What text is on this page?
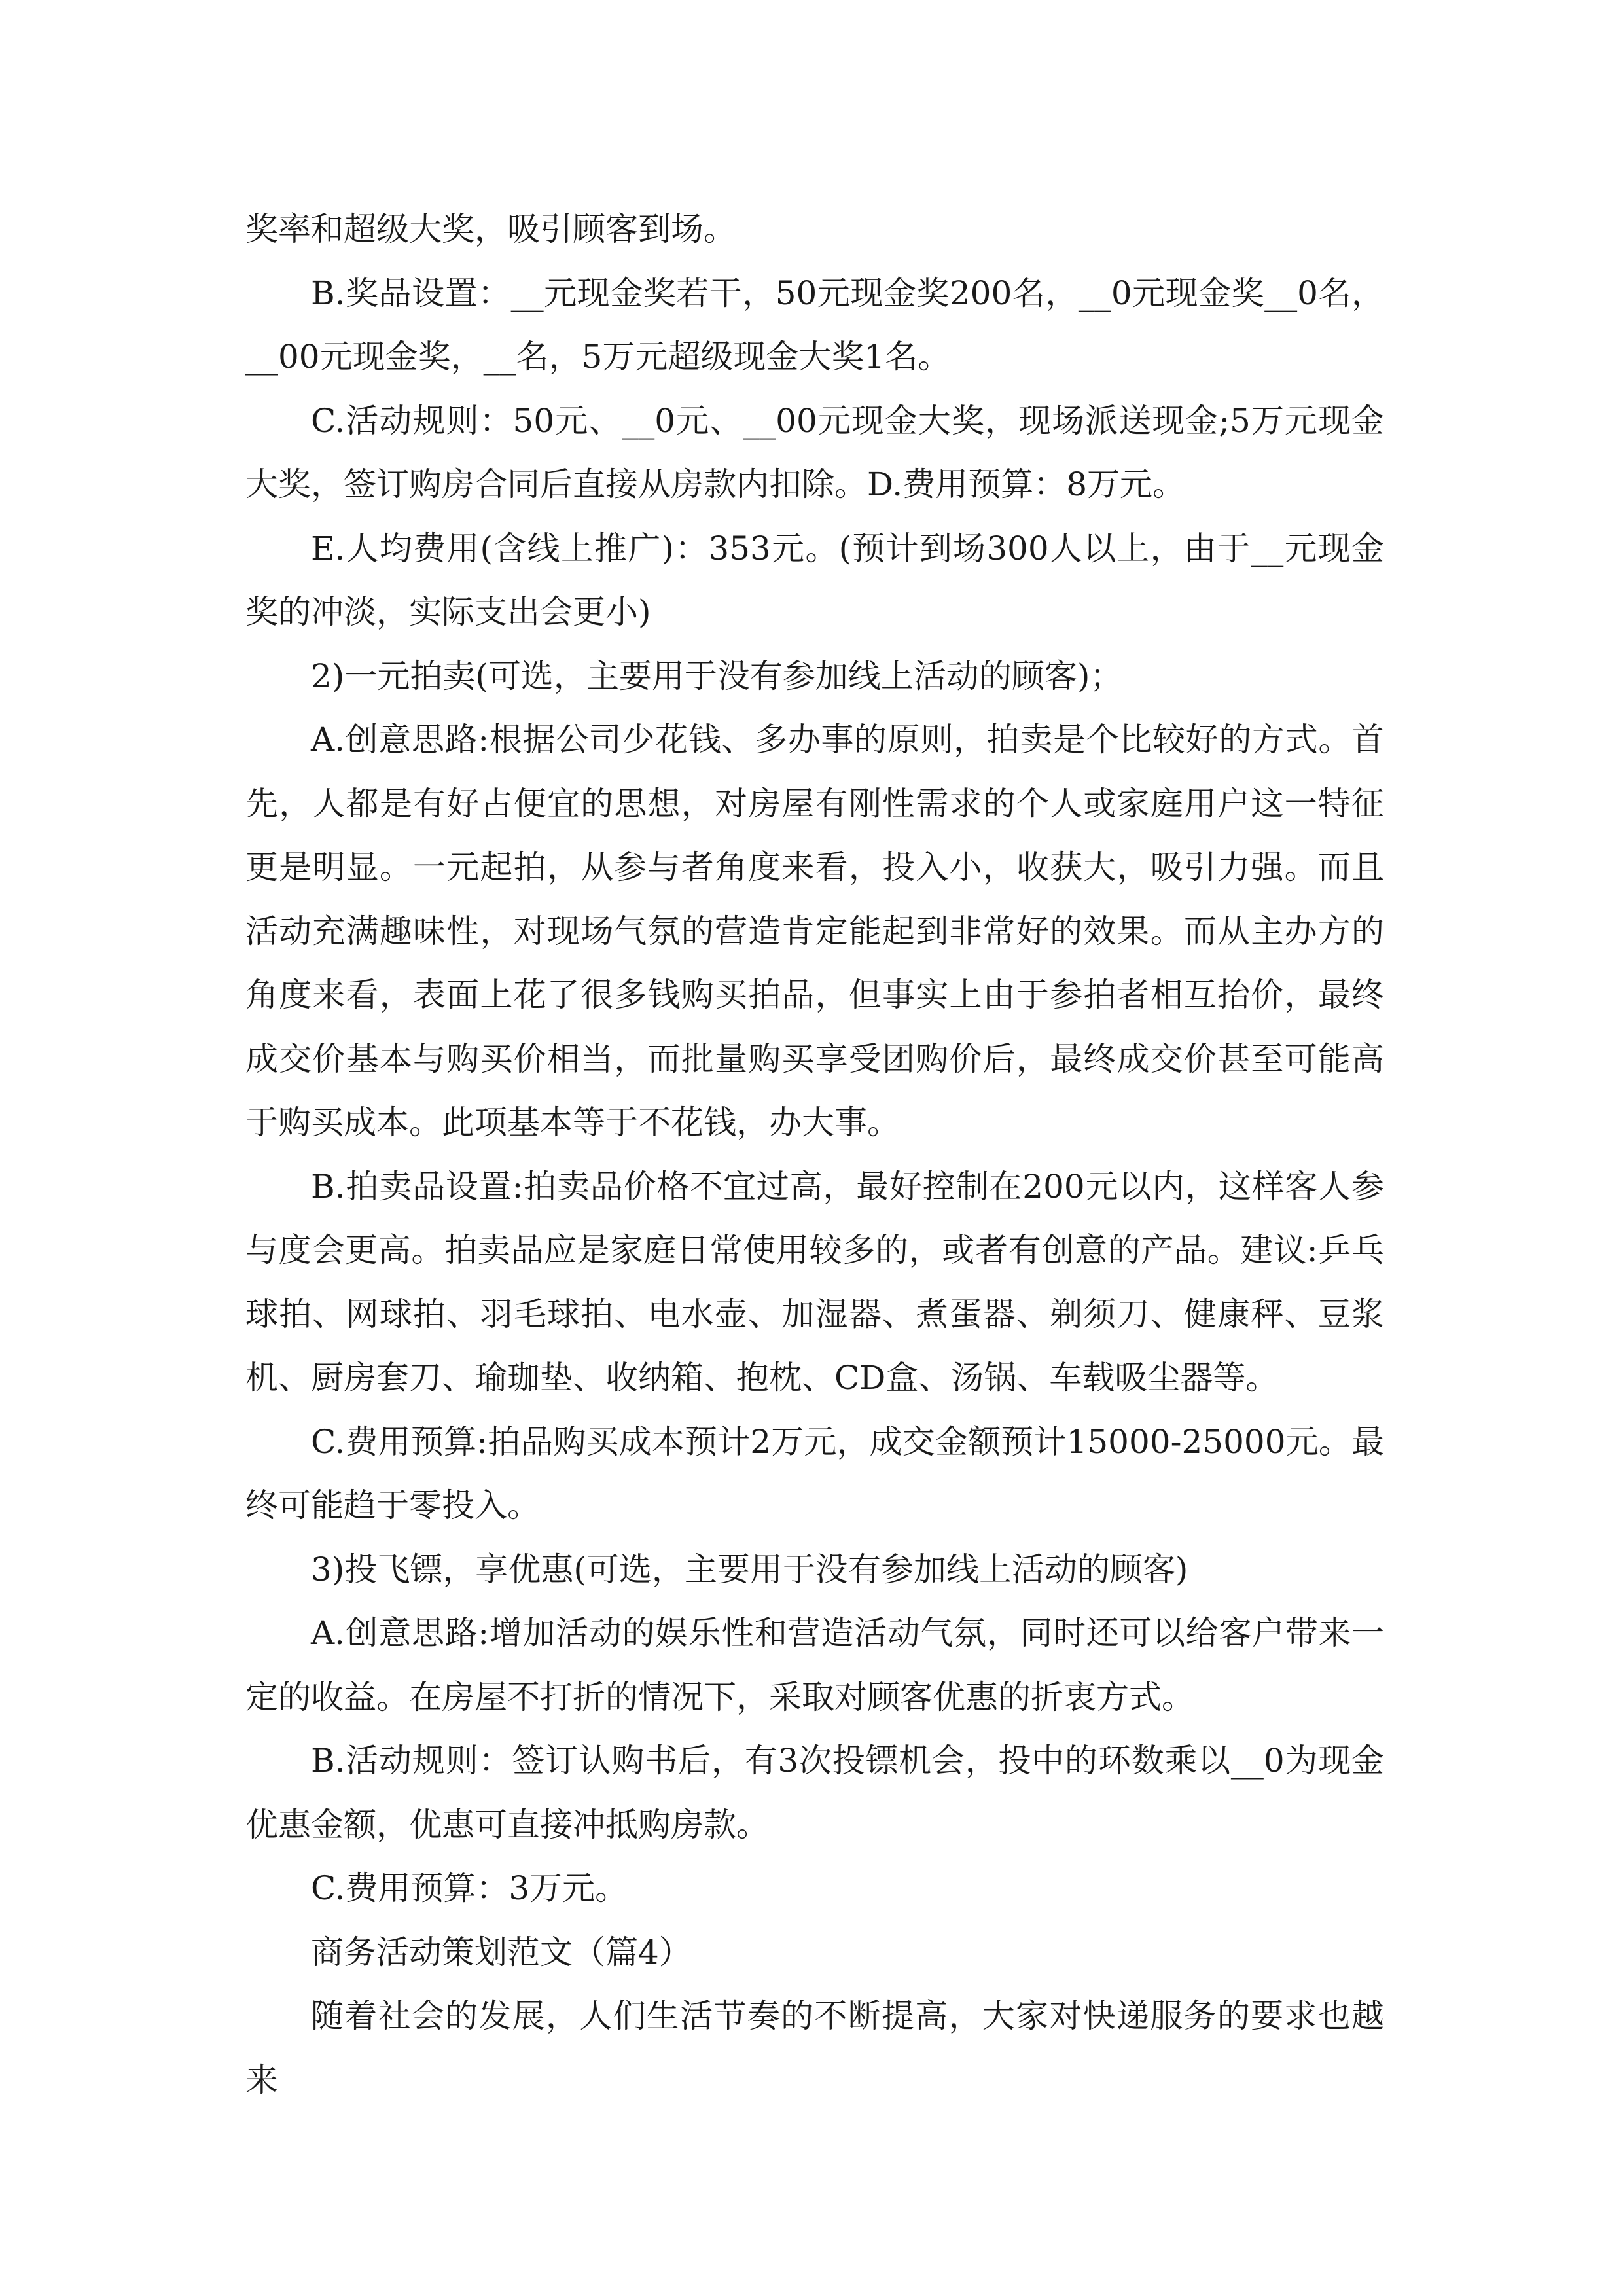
奖率和超级大奖，吸引顾客到场。

B.奖品设置：__元现金奖若干，50元现金奖200名，__0元现金奖__0名，__00元现金奖，__名，5万元超级现金大奖1名。

C.活动规则：50元、__0元、__00元现金大奖，现场派送现金;5万元现金大奖，签订购房合同后直接从房款内扣除。D.费用预算：8万元。

E.人均费用(含线上推广)：353元。(预计到场300人以上，由于__元现金奖的冲淡，实际支出会更小)

2)一元拍卖(可选，主要用于没有参加线上活动的顾客)；

A.创意思路:根据公司少花钱、多办事的原则，拍卖是个比较好的方式。首先，人都是有好占便宜的思想，对房屋有刚性需求的个人或家庭用户这一特征更是明显。一元起拍，从参与者角度来看，投入小，收获大，吸引力强。而且活动充满趣味性，对现场气氛的营造肯定能起到非常好的效果。而从主办方的角度来看，表面上花了很多钱购买拍品，但事实上由于参拍者相互抬价，最终成交价基本与购买价相当，而批量购买享受团购价后，最终成交价甚至可能高于购买成本。此项基本等于不花钱，办大事。

B.拍卖品设置:拍卖品价格不宜过高，最好控制在200元以内，这样客人参与度会更高。拍卖品应是家庭日常使用较多的，或者有创意的产品。建议:乒乓球拍、网球拍、羽毛球拍、电水壶、加湿器、煮蛋器、剃须刀、健康秤、豆浆机、厨房套刀、瑜珈垫、收纳箱、抱枕、CD盒、汤锅、车载吸尘器等。

C.费用预算:拍品购买成本预计2万元，成交金额预计15000-25000元。最终可能趋于零投入。

3)投飞镖，享优惠(可选，主要用于没有参加线上活动的顾客)

A.创意思路:增加活动的娱乐性和营造活动气氛，同时还可以给客户带来一定的收益。在房屋不打折的情况下，采取对顾客优惠的折衷方式。

B.活动规则：签订认购书后，有3次投镖机会，投中的环数乘以__0为现金优惠金额，优惠可直接冲抵购房款。

C.费用预算：3万元。

商务活动策划范文（篇4）

随着社会的发展，人们生活节奏的不断提高，大家对快递服务的要求也越来
